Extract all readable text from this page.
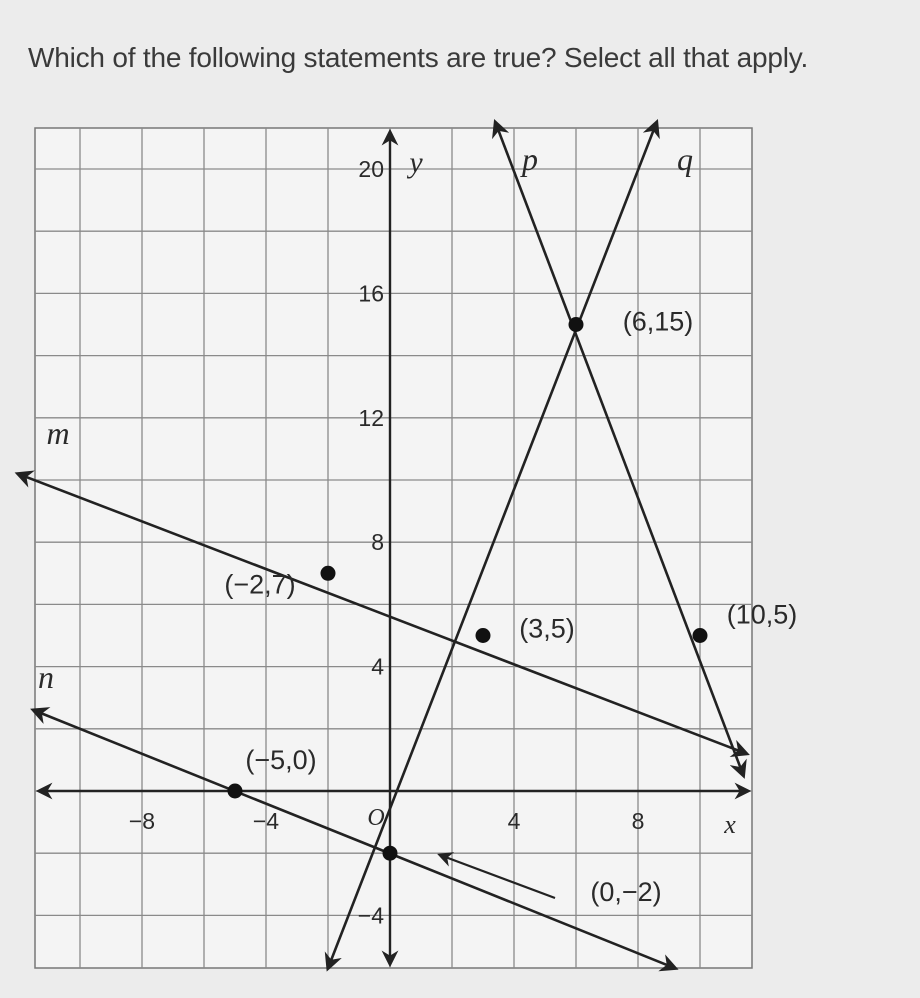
Which of the following statements are true? Select all that apply.
−8	−4	4	8
−4
4
8
12
16
20
x
y
O
m
n
p	q
(−2,7)
(3,5)
(−5,0)
(0,−2)
(6,15)
(10,5)
